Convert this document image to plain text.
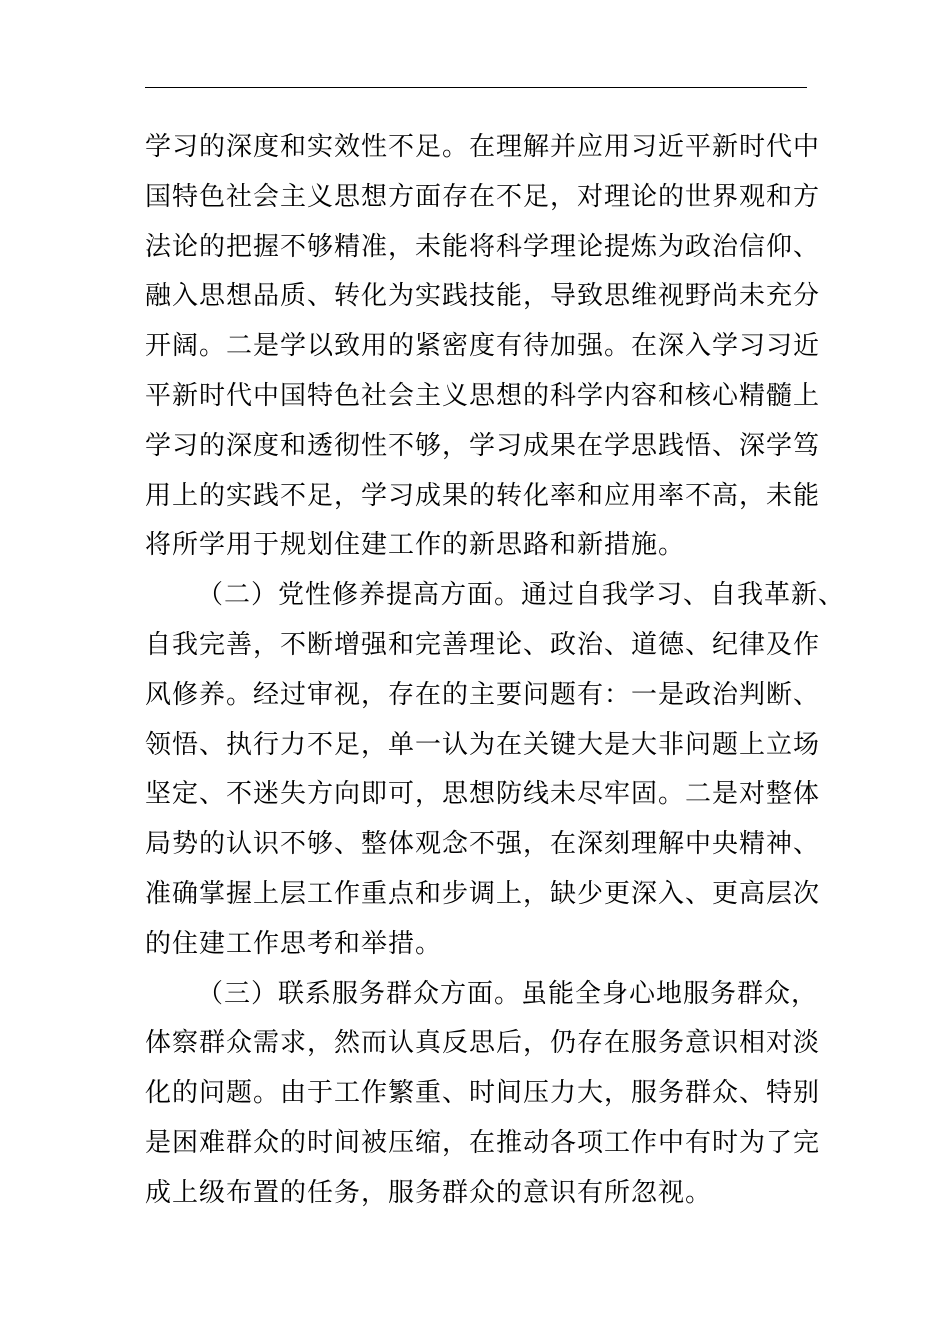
学习的深度和实效性不足。在理解并应用习近平新时代中
国特色社会主义思想方面存在不足，对理论的世界观和方
法论的把握不够精准，未能将科学理论提炼为政治信仰、
融入思想品质、转化为实践技能，导致思维视野尚未充分
开阔。二是学以致用的紧密度有待加强。在深入学习习近
平新时代中国特色社会主义思想的科学内容和核心精髓上
学习的深度和透彻性不够，学习成果在学思践悟、深学笃
用上的实践不足，学习成果的转化率和应用率不高，未能
将所学用于规划住建工作的新思路和新措施。
（二）党性修养提高方面。通过自我学习、自我革新、
自我完善，不断增强和完善理论、政治、道德、纪律及作
风修养。经过审视，存在的主要问题有：一是政治判断、
领悟、执行力不足，单一认为在关键大是大非问题上立场
坚定、不迷失方向即可，思想防线未尽牢固。二是对整体
局势的认识不够、整体观念不强，在深刻理解中央精神、
准确掌握上层工作重点和步调上，缺少更深入、更高层次
的住建工作思考和举措。
（三）联系服务群众方面。虽能全身心地服务群众，
体察群众需求，然而认真反思后，仍存在服务意识相对淡
化的问题。由于工作繁重、时间压力大，服务群众、特别
是困难群众的时间被压缩，在推动各项工作中有时为了完
成上级布置的任务，服务群众的意识有所忽视。
